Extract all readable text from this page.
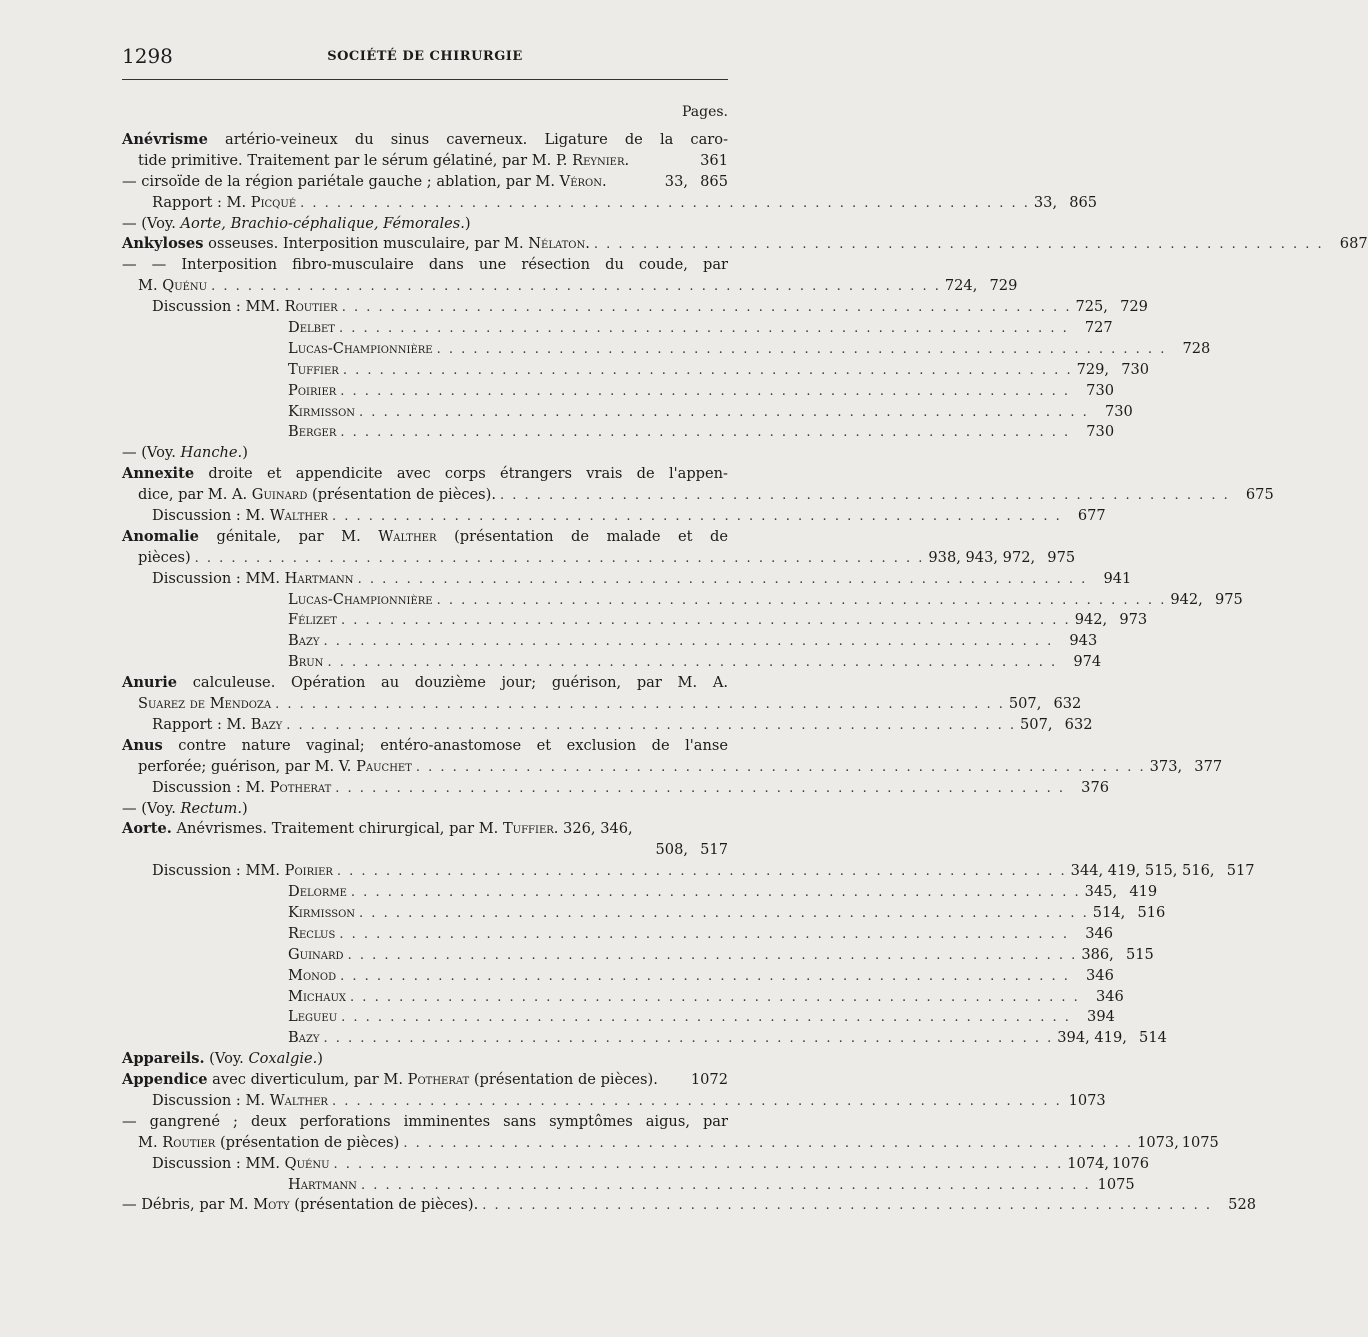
1298	SOCIÉTÉ DE CHIRURGIE
Pages.
Anévrisme artério-veineux du sinus caverneux. Ligature de la caro-
tide primitive. Traitement par le sérum gélatiné, par M. P. Reynier.	361
— cirsoïde de la région pariétale gauche ; ablation, par M. Véron.	33, 865
Rapport : M. Picqué . . . . . . . . . . . . . . . . . . . . . . . . . . . . . . . . . . . . . . . . . . . . . . . . . . . . . . . . . . . . 33, 865
— (Voy. Aorte, Brachio-céphalique, Fémorales.)
Ankyloses osseuses. Interposition musculaire, par M. Nélaton. . . . . . . . . . . . . . . . . . . . . . . . . . . . . . . . . . . . . . . . . . . . . . . . . . . . . . . . . . . . .	687
— — Interposition fibro-musculaire dans une résection du coude, par
M. Quénu . . . . . . . . . . . . . . . . . . . . . . . . . . . . . . . . . . . . . . . . . . . . . . . . . . . . . . . . . . . . 724, 729
Discussion : MM. Routier . . . . . . . . . . . . . . . . . . . . . . . . . . . . . . . . . . . . . . . . . . . . . . . . . . . . . . . . . . . . 725, 729
Delbet . . . . . . . . . . . . . . . . . . . . . . . . . . . . . . . . . . . . . . . . . . . . . . . . . . . . . . . . . . . .	727
Lucas-Championnière . . . . . . . . . . . . . . . . . . . . . . . . . . . . . . . . . . . . . . . . . . . . . . . . . . . . . . . . . . . .	728
Tuffier . . . . . . . . . . . . . . . . . . . . . . . . . . . . . . . . . . . . . . . . . . . . . . . . . . . . . . . . . . . . 729, 730
Poirier . . . . . . . . . . . . . . . . . . . . . . . . . . . . . . . . . . . . . . . . . . . . . . . . . . . . . . . . . . . .	730
Kirmisson . . . . . . . . . . . . . . . . . . . . . . . . . . . . . . . . . . . . . . . . . . . . . . . . . . . . . . . . . . . .	730
Berger . . . . . . . . . . . . . . . . . . . . . . . . . . . . . . . . . . . . . . . . . . . . . . . . . . . . . . . . . . . .	730
— (Voy. Hanche.)
Annexite droite et appendicite avec corps étrangers vrais de l'appen-
dice, par M. A. Guinard (présentation de pièces). . . . . . . . . . . . . . . . . . . . . . . . . . . . . . . . . . . . . . . . . . . . . . . . . . . . . . . . . . . . .	675
Discussion : M. Walther . . . . . . . . . . . . . . . . . . . . . . . . . . . . . . . . . . . . . . . . . . . . . . . . . . . . . . . . . . . .	677
Anomalie génitale, par M. Walther (présentation de malade et de
pièces) . . . . . . . . . . . . . . . . . . . . . . . . . . . . . . . . . . . . . . . . . . . . . . . . . . . . . . . . . . . . 938, 943, 972, 975
Discussion : MM. Hartmann . . . . . . . . . . . . . . . . . . . . . . . . . . . . . . . . . . . . . . . . . . . . . . . . . . . . . . . . . . . .	941
Lucas-Championnière . . . . . . . . . . . . . . . . . . . . . . . . . . . . . . . . . . . . . . . . . . . . . . . . . . . . . . . . . . . . 942, 975
Félizet . . . . . . . . . . . . . . . . . . . . . . . . . . . . . . . . . . . . . . . . . . . . . . . . . . . . . . . . . . . . 942, 973
Bazy . . . . . . . . . . . . . . . . . . . . . . . . . . . . . . . . . . . . . . . . . . . . . . . . . . . . . . . . . . . .	943
Brun . . . . . . . . . . . . . . . . . . . . . . . . . . . . . . . . . . . . . . . . . . . . . . . . . . . . . . . . . . . .	974
Anurie calculeuse. Opération au douzième jour; guérison, par M. A.
Suarez de Mendoza . . . . . . . . . . . . . . . . . . . . . . . . . . . . . . . . . . . . . . . . . . . . . . . . . . . . . . . . . . . . 507, 632
Rapport : M. Bazy . . . . . . . . . . . . . . . . . . . . . . . . . . . . . . . . . . . . . . . . . . . . . . . . . . . . . . . . . . . . 507, 632
Anus contre nature vaginal; entéro-anastomose et exclusion de l'anse
perforée; guérison, par M. V. Pauchet . . . . . . . . . . . . . . . . . . . . . . . . . . . . . . . . . . . . . . . . . . . . . . . . . . . . . . . . . . . . 373, 377
Discussion : M. Potherat . . . . . . . . . . . . . . . . . . . . . . . . . . . . . . . . . . . . . . . . . . . . . . . . . . . . . . . . . . . .	376
— (Voy. Rectum.)
Aorte. Anévrismes. Traitement chirurgical, par M. Tuffier. 326, 346,
508, 517
Discussion : MM. Poirier . . . . . . . . . . . . . . . . . . . . . . . . . . . . . . . . . . . . . . . . . . . . . . . . . . . . . . . . . . . . 344, 419, 515, 516, 517
Delorme . . . . . . . . . . . . . . . . . . . . . . . . . . . . . . . . . . . . . . . . . . . . . . . . . . . . . . . . . . . . 345, 419
Kirmisson . . . . . . . . . . . . . . . . . . . . . . . . . . . . . . . . . . . . . . . . . . . . . . . . . . . . . . . . . . . . 514, 516
Reclus . . . . . . . . . . . . . . . . . . . . . . . . . . . . . . . . . . . . . . . . . . . . . . . . . . . . . . . . . . . .	346
Guinard . . . . . . . . . . . . . . . . . . . . . . . . . . . . . . . . . . . . . . . . . . . . . . . . . . . . . . . . . . . . 386, 515
Monod . . . . . . . . . . . . . . . . . . . . . . . . . . . . . . . . . . . . . . . . . . . . . . . . . . . . . . . . . . . .	346
Michaux . . . . . . . . . . . . . . . . . . . . . . . . . . . . . . . . . . . . . . . . . . . . . . . . . . . . . . . . . . . .	346
Legueu . . . . . . . . . . . . . . . . . . . . . . . . . . . . . . . . . . . . . . . . . . . . . . . . . . . . . . . . . . . .	394
Bazy . . . . . . . . . . . . . . . . . . . . . . . . . . . . . . . . . . . . . . . . . . . . . . . . . . . . . . . . . . . . 394, 419, 514
Appareils. (Voy. Coxalgie.)
Appendice avec diverticulum, par M. Potherat (présentation de pièces). 1072
Discussion : M. Walther . . . . . . . . . . . . . . . . . . . . . . . . . . . . . . . . . . . . . . . . . . . . . . . . . . . . . . . . . . . . 1073
— gangrené ; deux perforations imminentes sans symptômes aigus, par
M. Routier (présentation de pièces) . . . . . . . . . . . . . . . . . . . . . . . . . . . . . . . . . . . . . . . . . . . . . . . . . . . . . . . . . . . . 1073, 1075
Discussion : MM. Quénu . . . . . . . . . . . . . . . . . . . . . . . . . . . . . . . . . . . . . . . . . . . . . . . . . . . . . . . . . . . . 1074, 1076
Hartmann . . . . . . . . . . . . . . . . . . . . . . . . . . . . . . . . . . . . . . . . . . . . . . . . . . . . . . . . . . . . 1075
— Débris, par M. Moty (présentation de pièces). . . . . . . . . . . . . . . . . . . . . . . . . . . . . . . . . . . . . . . . . . . . . . . . . . . . . . . . . . . . .	528
